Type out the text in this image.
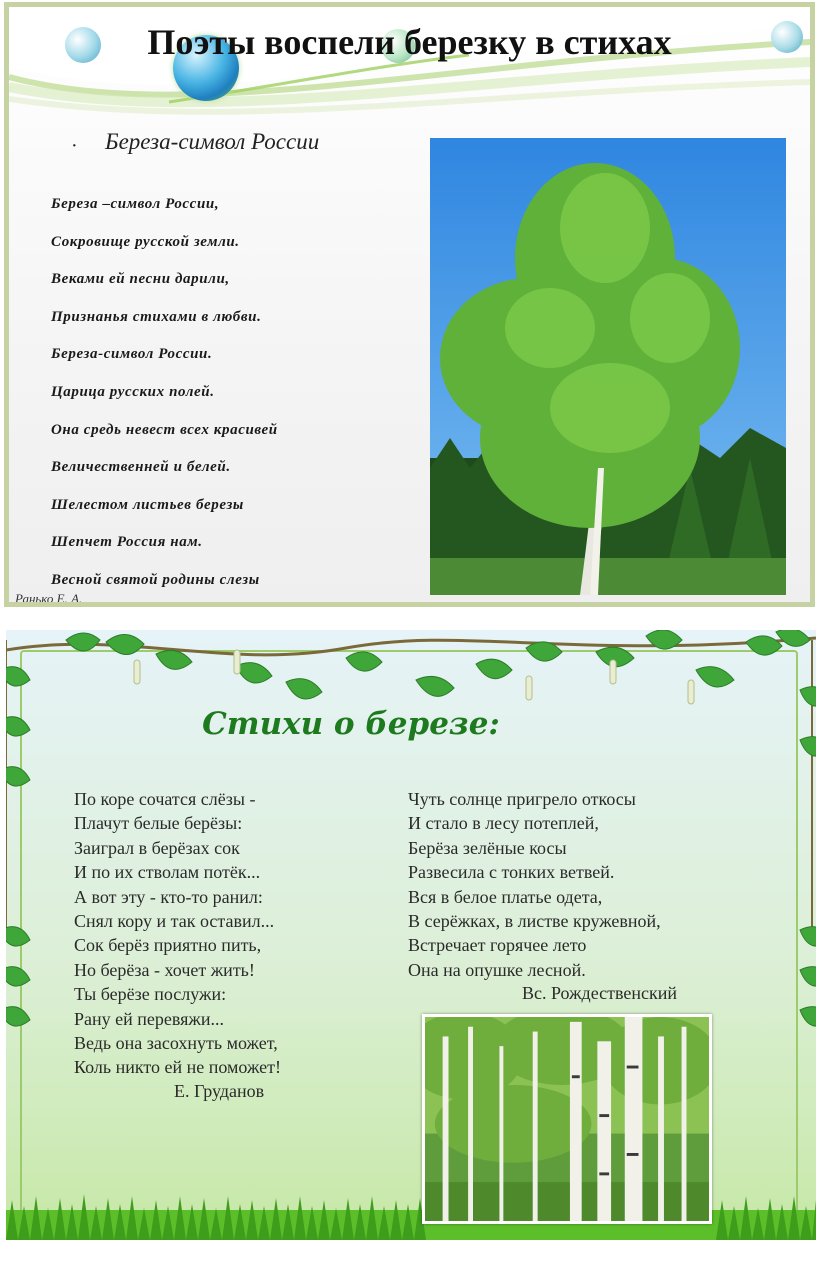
Поэты воспели березку в стихах
· Береза-символ России
Береза –символ России,
Сокровище русской земли.
Веками ей песни дарили,
Признанья стихами в любви.
Береза-символ России.
Царица русских полей.
Она средь невест всех красивей
Величественней и белей.
Шелестом листьев березы
Шепчет Россия нам.
Весной святой родины слезы
Ранько Е. А.
Стихи о березе:
По коре сочатся слёзы -
Плачут белые берёзы:
Заиграл в берёзах сок
И по их стволам потёк...
А вот эту - кто-то ранил:
Снял кору и так оставил...
Сок берёз приятно пить,
Но берёза - хочет жить!
Ты берёзе послужи:
Рану ей перевяжи...
Ведь она засохнуть может,
Коль никто ей не поможет!
Е. Груданов
Чуть солнце пригрело откосы
И стало в лесу потеплей,
Берёза зелёные косы
Развесила с тонких ветвей.
Вся в белое платье одета,
В серёжках, в листве кружевной,
Встречает горячее лето
Она на опушке лесной.
Вс. Рождественский
